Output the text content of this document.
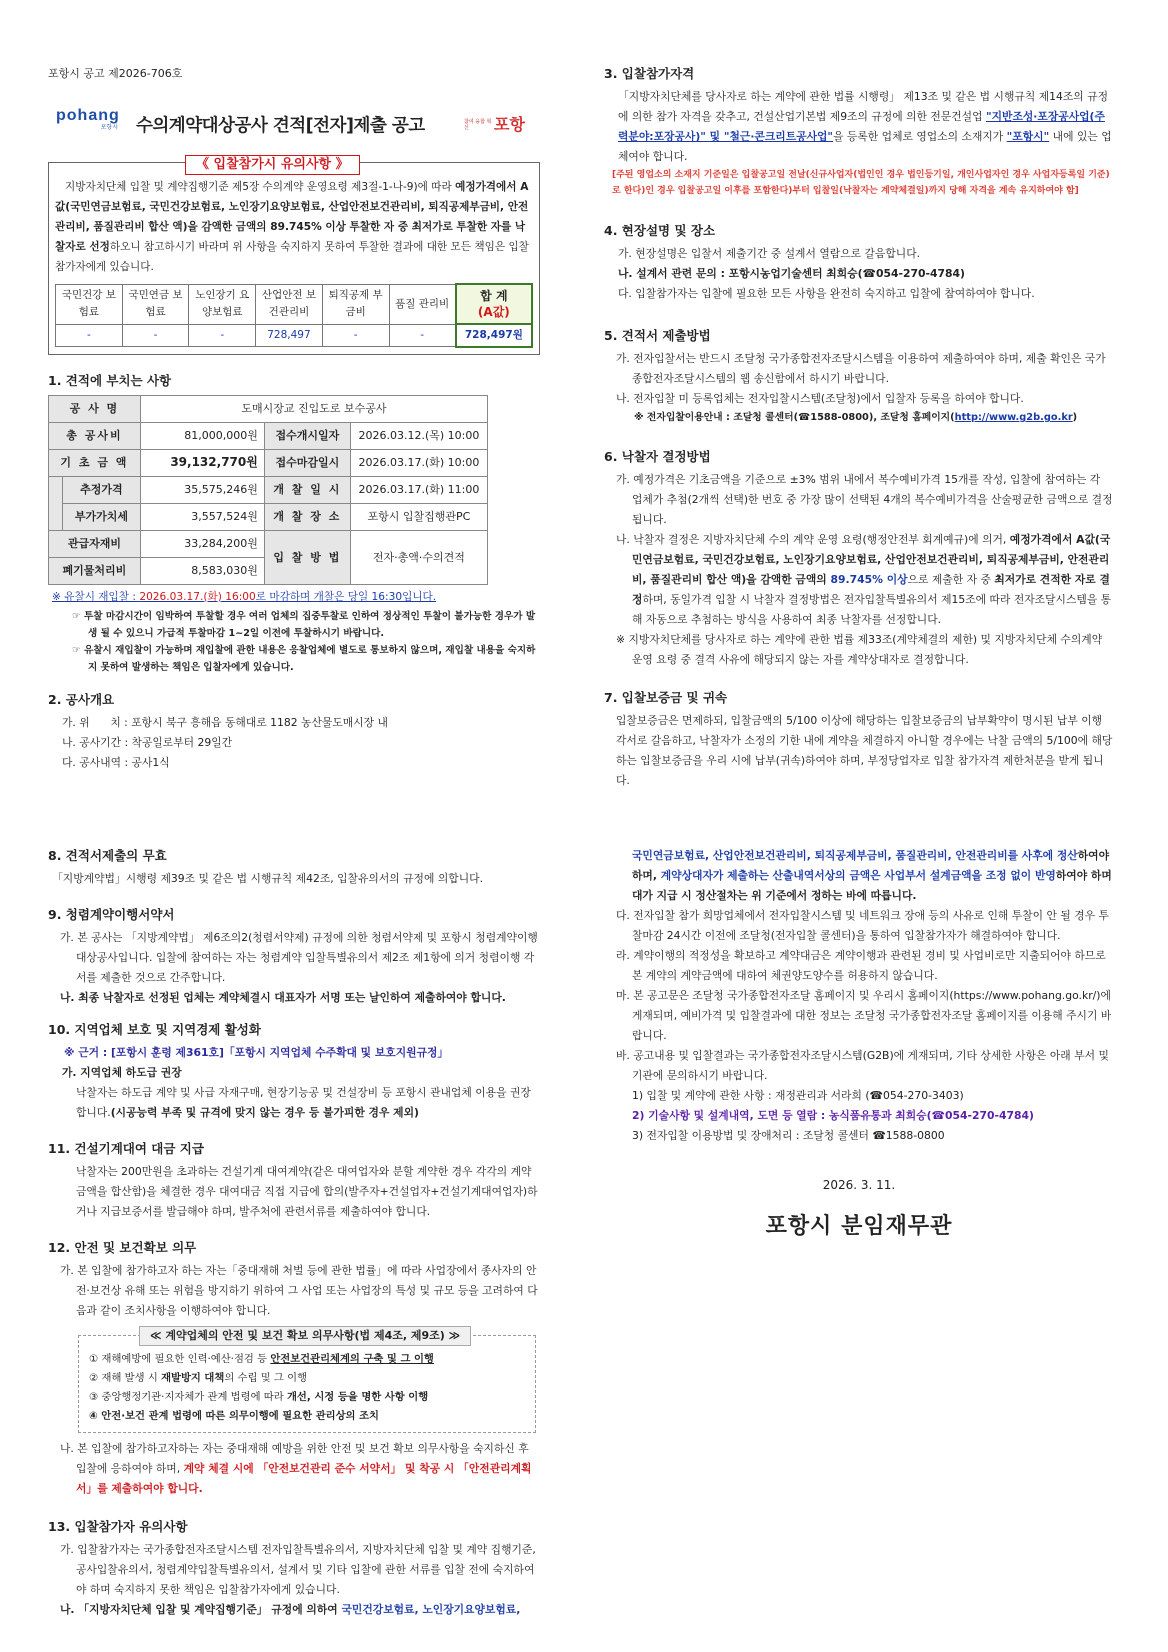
포항시 공고 제2026-706호
pohang
포항시 수의계약대상공사 견적[전자]제출 공고	참여 융합 혁신	포항
《 입찰참가시 유의사항 》
지방자치단체 입찰 및 계약집행기준 제5장 수의계약 운영요령 제3절-1-나-9)에 따라 예정가격에서 A값(국민연금보험료, 국민건강보험료, 노인장기요양보험료, 산업안전보건관리비, 퇴직공제부금비, 안전관리비, 품질관리비 합산 액)을 감액한 금액의 89.745% 이상 투찰한 자 중 최저가로 투찰한 자를 낙찰자로 선정하오니 참고하시기 바라며 위 사항을 숙지하지 못하여 투찰한 결과에 대한 모든 책임은 입찰참가자에게 있습니다.
국민건강 보험료	국민연금 보험료	노인장기 요양보험료	산업안전 보건관리비	퇴직공제 부금비	품질 관리비	합 계
(A값)
-	-	-	728,497	-	-	728,497원
1. 견적에 부치는 사항
공 사 명		도매시장교 진입도로 보수공사		
총 공사비		81,000,000원	접수개시일자	2026.03.12.(목) 10:00
기 초 금 액		39,132,770원	접수마감일시	2026.03.17.(화) 10:00
	추정가격	35,575,246원	개 찰 일 시	2026.03.17.(화) 11:00
	부가가치세	3,557,524원	개 찰 장 소	포항시 입찰집행관PC
관급자재비		33,284,200원	입 찰 방 법	전자·총액·수의견적
폐기물처리비		8,583,030원		
※ 유찰시 재입찰 : 2026.03.17.(화) 16:00로 마감하며 개찰은 당일 16:30입니다.
☞ 투찰 마감시간이 임박하여 투찰할 경우 여러 업체의 집중투찰로 인하여 정상적인 투찰이 불가능한 경우가 발생 될 수 있으니 가급적 투찰마감 1~2일 이전에 투찰하시기 바랍니다.
☞ 유찰시 재입찰이 가능하며 재입찰에 관한 내용은 응찰업체에 별도로 통보하지 않으며, 재입찰 내용을 숙지하지 못하여 발생하는 책임은 입찰자에게 있습니다.
2. 공사개요
가. 위      치 : 포항시 북구 흥해읍 동해대로 1182 농산물도매시장 내
나. 공사기간 : 착공일로부터 29일간
다. 공사내역 : 공사1식
3. 입찰참가자격
「지방자치단체를 당사자로 하는 계약에 관한 법률 시행령」 제13조 및 같은 법 시행규칙 제14조의 규정에 의한 참가 자격을 갖추고, 건설산업기본법 제9조의 규정에 의한 전문건설업 "지반조성·포장공사업(주력분야:포장공사)" 및 "철근·콘크리트공사업"을 등록한 업체로 영업소의 소재지가 "포항시" 내에 있는 업체여야 합니다.
[주된 영업소의 소재지 기준일은 입찰공고일 전날(신규사업자(법인인 경우 법인등기일, 개인사업자인 경우 사업자등록일 기준)로 한다)인 경우 입찰공고일 이후를 포함한다)부터 입찰일(낙찰자는 계약체결일)까지 당해 자격을 계속 유지하여야 함]
4. 현장설명 및 장소
가. 현장설명은 입찰서 제출기간 중 설계서 열람으로 갈음합니다.
나. 설계서 관련 문의 : 포항시농업기술센터 최희승(☎054-270-4784)
다. 입찰참가자는 입찰에 필요한 모든 사항을 완전히 숙지하고 입찰에 참여하여야 합니다.
5. 견적서 제출방법
가. 전자입찰서는 반드시 조달청 국가종합전자조달시스템을 이용하여 제출하여야 하며, 제출 확인은 국가종합전자조달시스템의 웹 송신함에서 하시기 바랍니다.
나. 전자입찰 미 등록업체는 전자입찰시스템(조달청)에서 입찰자 등록을 하여야 합니다.
※ 전자입찰이용안내 : 조달청 콜센터(☎1588-0800), 조달청 홈페이지(http://www.g2b.go.kr)
6. 낙찰자 결정방법
가. 예정가격은 기초금액을 기준으로 ±3% 범위 내에서 복수예비가격 15개를 작성, 입찰에 참여하는 각 업체가 추첨(2개씩 선택)한 번호 중 가장 많이 선택된 4개의 복수예비가격을 산술평균한 금액으로 결정됩니다.
나. 낙찰자 결정은 지방자치단체 수의 계약 운영 요령(행정안전부 회계예규)에 의거, 예정가격에서 A값(국민연금보험료, 국민건강보험료, 노인장기요양보험료, 산업안전보건관리비, 퇴직공제부금비, 안전관리비, 품질관리비 합산 액)을 감액한 금액의 89.745% 이상으로 제출한 자 중 최저가로 견적한 자로 결정하며, 동일가격 입찰 시 낙찰자 결정방법은 전자입찰특별유의서 제15조에 따라 전자조달시스템을 통해 자동으로 추첨하는 방식을 사용하여 최종 낙찰자를 선정합니다.
※ 지방자치단체를 당사자로 하는 계약에 관한 법률 제33조(계약체결의 제한) 및 지방자치단체 수의계약 운영 요령 중 결격 사유에 해당되지 않는 자를 계약상대자로 결정합니다.
7. 입찰보증금 및 귀속
입찰보증금은 면제하되, 입찰금액의 5/100 이상에 해당하는 입찰보증금의 납부확약이 명시된 납부 이행 각서로 갈음하고, 낙찰자가 소정의 기한 내에 계약을 체결하지 아니할 경우에는 낙찰 금액의 5/100에 해당하는 입찰보증금을 우리 시에 납부(귀속)하여야 하며, 부정당업자로 입찰 참가자격 제한처분을 받게 됩니다.
8. 견적서제출의 무효
「지방계약법」시행령 제39조 및 같은 법 시행규칙 제42조, 입찰유의서의 규정에 의합니다.
9. 청렴계약이행서약서
가. 본 공사는 「지방계약법」 제6조의2(청렴서약제) 규정에 의한 청렴서약제 및 포항시 청렴계약이행 대상공사입니다. 입찰에 참여하는 자는 청렴계약 입찰특별유의서 제2조 제1항에 의거 청렴이행 각서를 제출한 것으로 간주합니다.
나. 최종 낙찰자로 선정된 업체는 계약체결시 대표자가 서명 또는 날인하여 제출하여야 합니다.
10. 지역업체 보호 및 지역경제 활성화
※ 근거 : [포항시 훈령 제361호]「포항시 지역업체 수주확대 및 보호지원규정」
가. 지역업체 하도급 권장
낙찰자는 하도급 계약 및 사급 자재구매, 현장기능공 및 건설장비 등 포항시 관내업체 이용을 권장 합니다.(시공능력 부족 및 규격에 맞지 않는 경우 등 불가피한 경우 제외)
11. 건설기계대여 대금 지급
낙찰자는 200만원을 초과하는 건설기계 대여계약(같은 대여업자와 분할 계약한 경우 각각의 계약 금액을 합산함)을 체결한 경우 대여대금 직접 지급에 합의(발주자+건설업자+건설기계대여업자)하거나 지급보증서를 발급해야 하며, 발주처에 관련서류를 제출하여야 합니다.
12. 안전 및 보건확보 의무
가. 본 입찰에 참가하고자 하는 자는「중대재해 처벌 등에 관한 법률」에 따라 사업장에서 종사자의 안전·보건상 유해 또는 위험을 방지하기 위하여 그 사업 또는 사업장의 특성 및 규모 등을 고려하여 다음과 같이 조치사항을 이행하여야 합니다.
≪ 계약업체의 안전 및 보건 확보 의무사항(법 제4조, 제9조) ≫
① 재해예방에 필요한 인력·예산·점검 등 안전보건관리체계의 구축 및 그 이행
② 재해 발생 시 재발방지 대책의 수립 및 그 이행
③ 중앙행정기관·지자체가 관계 법령에 따라 개선, 시정 등을 명한 사항 이행
④ 안전·보건 관계 법령에 따른 의무이행에 필요한 관리상의 조치
나. 본 입찰에 참가하고자하는 자는 중대재해 예방을 위한 안전 및 보건 확보 의무사항을 숙지하신 후 입찰에 응하여야 하며, 계약 체결 시에 「안전보건관리 준수 서약서」 및 착공 시 「안전관리계획서」를 제출하여야 합니다.
13. 입찰참가자 유의사항
가. 입찰참가자는 국가종합전자조달시스템 전자입찰특별유의서, 지방자치단체 입찰 및 계약 집행기준, 공사입찰유의서, 청렴계약입찰특별유의서, 설계서 및 기타 입찰에 관한 서류를 입찰 전에 숙지하여야 하며 숙지하지 못한 책임은 입찰참가자에게 있습니다.
나. 「지방자치단체 입찰 및 계약집행기준」 규정에 의하여 국민건강보험료, 노인장기요양보험료,
국민연금보험료, 산업안전보건관리비, 퇴직공제부금비, 품질관리비, 안전관리비를 사후에 정산하여야 하며, 계약상대자가 제출하는 산출내역서상의 금액은 사업부서 설계금액을 조정 없이 반영하여야 하며 대가 지급 시 정산절차는 위 기준에서 정하는 바에 따릅니다.
다. 전자입찰 참가 희망업체에서 전자입찰시스템 및 네트워크 장애 등의 사유로 인해 투찰이 안 될 경우 투찰마감 24시간 이전에 조달청(전자입찰 콜센터)을 통하여 입찰참가자가 해결하여야 합니다.
라. 계약이행의 적정성을 확보하고 계약대금은 계약이행과 관련된 경비 및 사업비로만 지출되어야 하므로 본 계약의 계약금액에 대하여 체권양도양수를 허용하지 않습니다.
마. 본 공고문은 조달청 국가종합전자조달 홈페이지 및 우리시 홈페이지(https://www.pohang.go.kr/)에 게재되며, 예비가격 및 입찰결과에 대한 정보는 조달청 국가종합전자조달 홈페이지를 이용해 주시기 바랍니다.
바. 공고내용 및 입찰결과는 국가종합전자조달시스템(G2B)에 게재되며, 기타 상세한 사항은 아래 부서 및 기관에 문의하시기 바랍니다.
1) 입찰 및 계약에 관한 사항 : 재정관리과 서라희 (☎054-270-3403)
2) 기술사항 및 설계내역, 도면 등 열람 : 농식품유통과 최희승(☎054-270-4784)
3) 전자입찰 이용방법 및 장애처리 : 조달청 콜센터 ☎1588-0800
2026. 3. 11.
포항시 분임재무관
